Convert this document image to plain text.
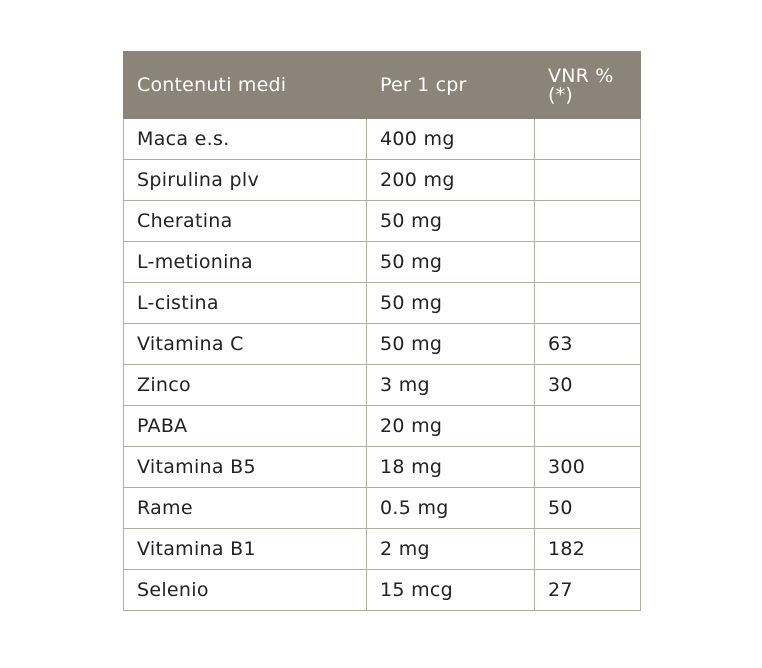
Contenuti medi	Per 1 cpr	VNR % (*)
Maca e.s.	400 mg	
Spirulina plv	200 mg	
Cheratina	50 mg	
L-metionina	50 mg	
L-cistina	50 mg	
Vitamina C	50 mg	63
Zinco	3 mg	30
PABA	20 mg	
Vitamina B5	18 mg	300
Rame	0.5 mg	50
Vitamina B1	2 mg	182
Selenio	15 mcg	27
